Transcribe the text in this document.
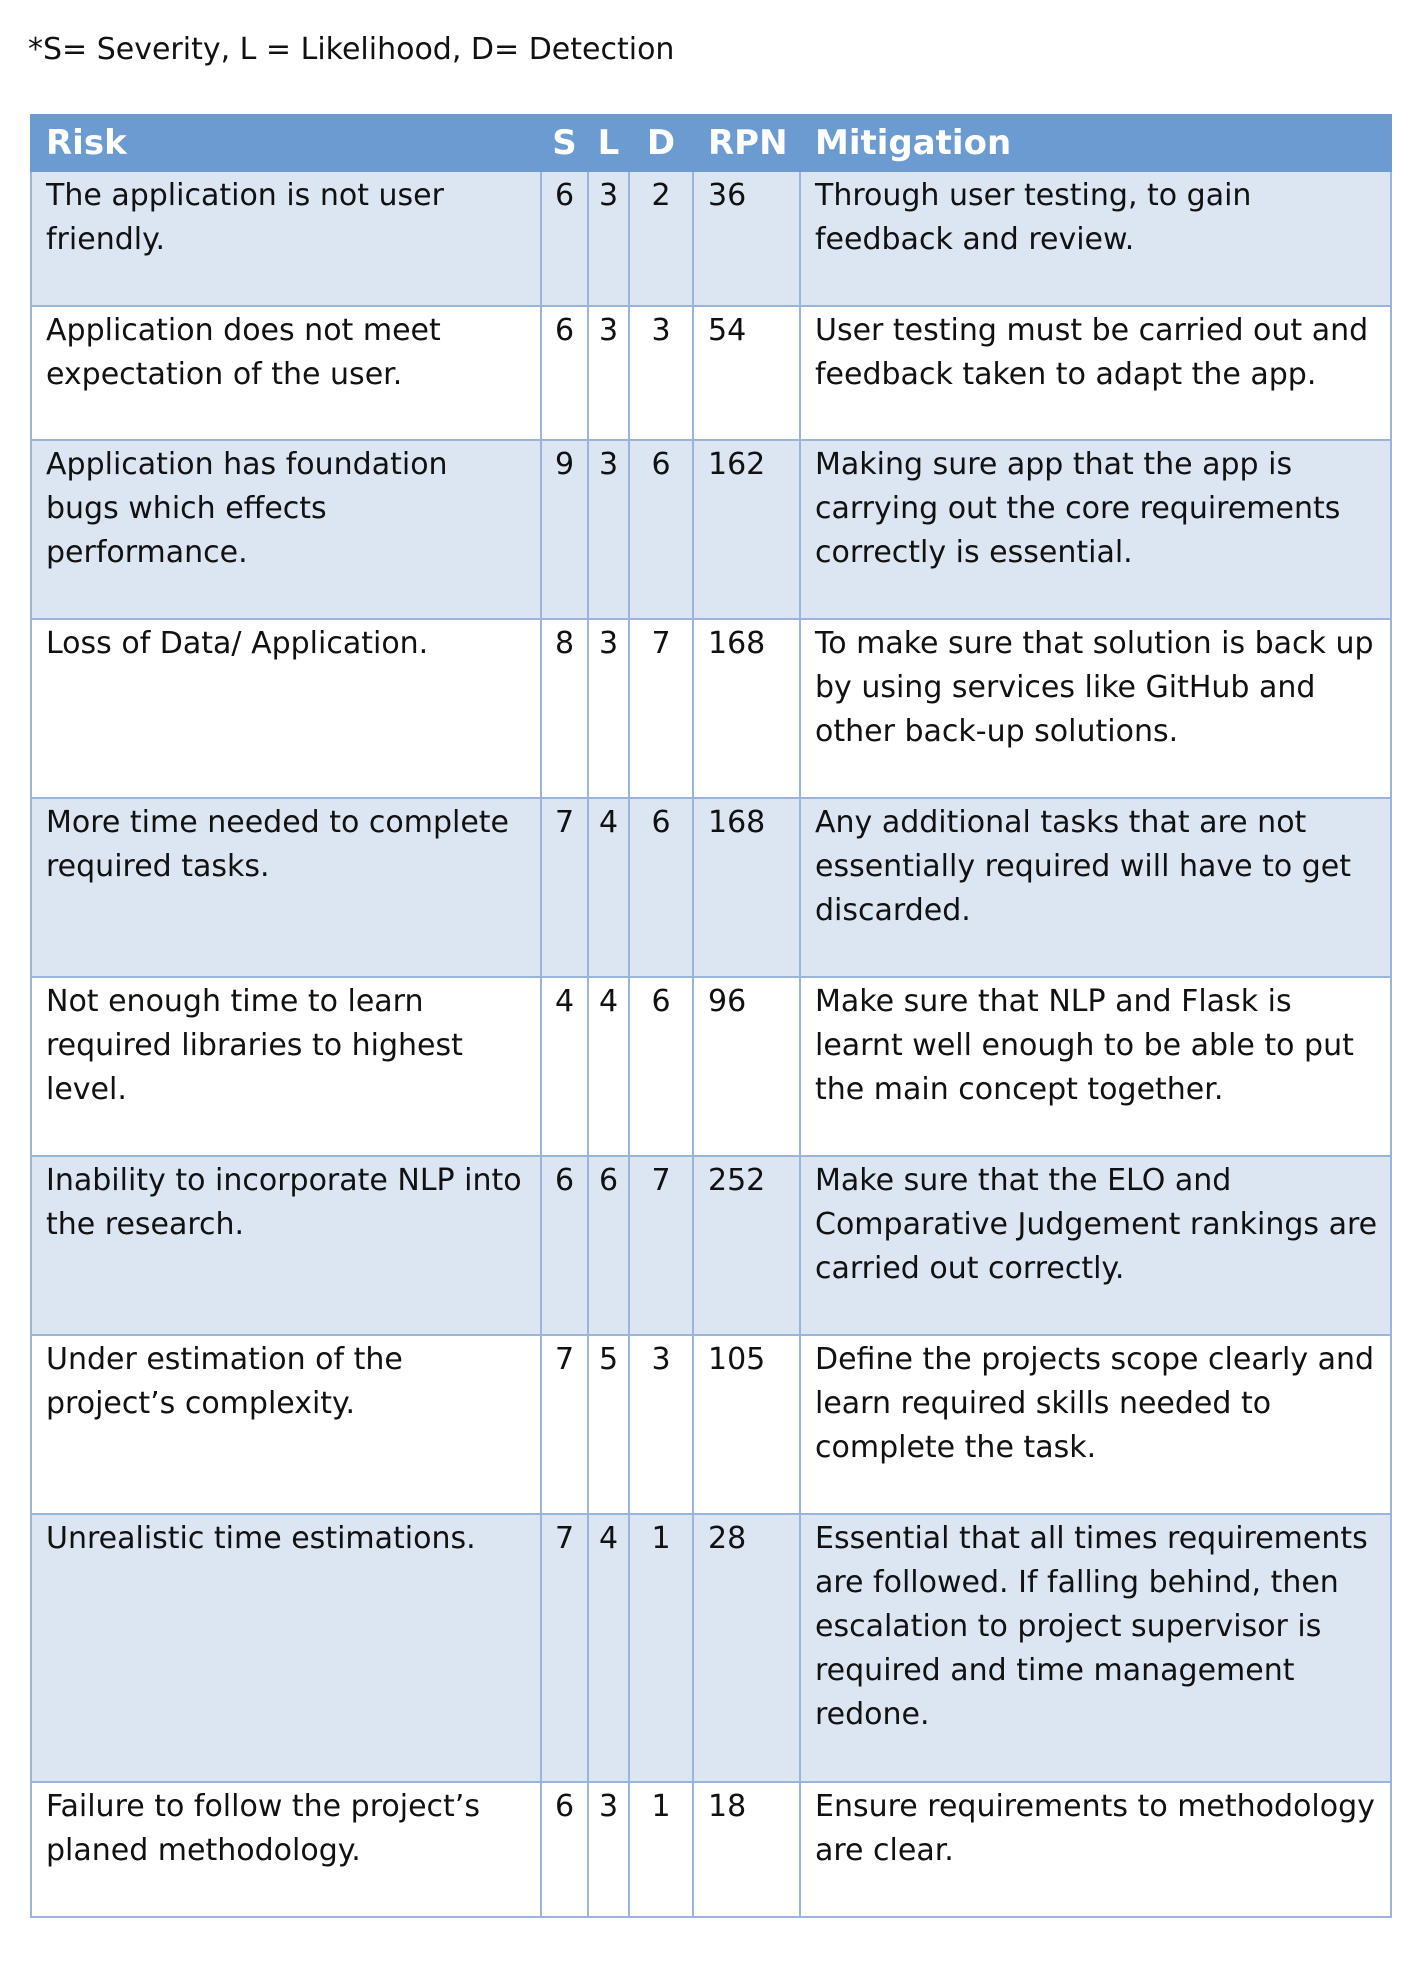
*S= Severity, L = Likelihood, D= Detection
Risk	S	L	D	RPN	Mitigation
The application is not user friendly.	6	3	2	36	Through user testing, to gain feedback and review.
Application does not meet expectation of the user.	6	3	3	54	User testing must be carried out and feedback taken to adapt the app.
Application has foundation bugs which effects performance.	9	3	6	162	Making sure app that the app is carrying out the core requirements correctly is essential.
Loss of Data/ Application.	8	3	7	168	To make sure that solution is back up by using services like GitHub and other back-up solutions.
More time needed to complete required tasks.	7	4	6	168	Any additional tasks that are not essentially required will have to get discarded.
Not enough time to learn required libraries to highest level.	4	4	6	96	Make sure that NLP and Flask is learnt well enough to be able to put the main concept together.
Inability to incorporate NLP into the research.	6	6	7	252	Make sure that the ELO and Comparative Judgement rankings are carried out correctly.
Under estimation of the project’s complexity.	7	5	3	105	Define the projects scope clearly and learn required skills needed to complete the task.
Unrealistic time estimations.	7	4	1	28	Essential that all times requirements are followed. If falling behind, then escalation to project supervisor is required and time management redone.
Failure to follow the project’s planed methodology.	6	3	1	18	Ensure requirements to methodology are clear.
